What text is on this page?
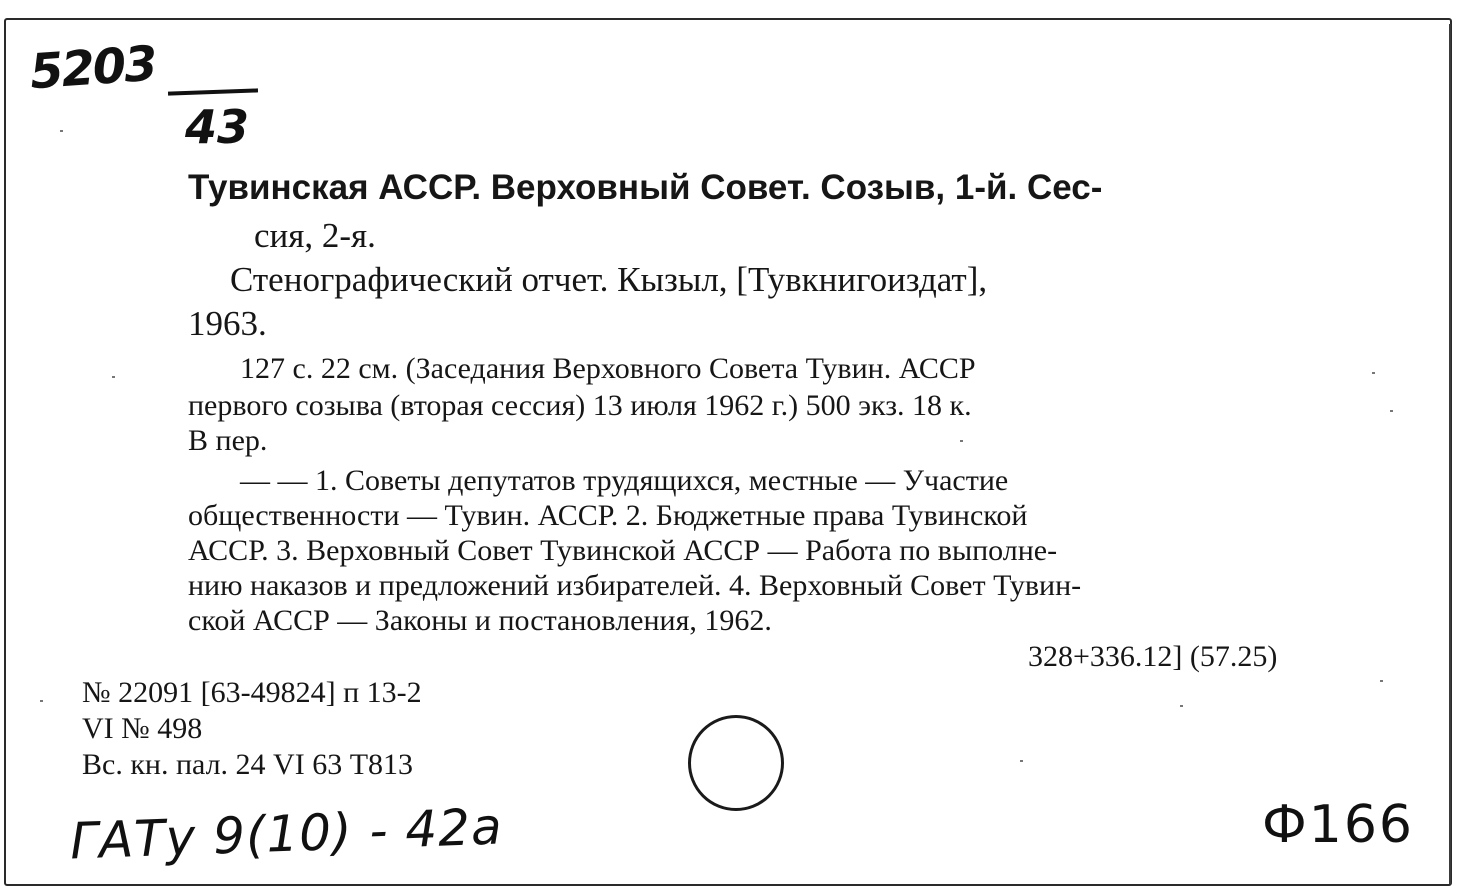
5203
43
Тувинская АССР. Верховный Совет. Созыв, 1-й. Сес-
сия, 2-я.
Стенографический отчет. Кызыл, [Тувкнигоиздат],
1963.
127 с. 22 см. (Заседания Верховного Совета Тувин. АССР
первого созыва (вторая сессия) 13 июля 1962 г.) 500 экз. 18 к.
В пер.
— — 1. Советы депутатов трудящихся, местные — Участие
общественности — Тувин. АССР. 2. Бюджетные права Тувинской
АССР. 3. Верховный Совет Тувинской АССР — Работа по выполне-
нию наказов и предложений избирателей. 4. Верховный Совет Тувин-
ской АССР — Законы и постановления, 1962.
328+336.12] (57.25)
№ 22091 [63-49824] п 13-2
VI № 498
Вс. кн. пал. 24 VI 63 Т813
ГАТу 9(10) - 42а	Ф166
